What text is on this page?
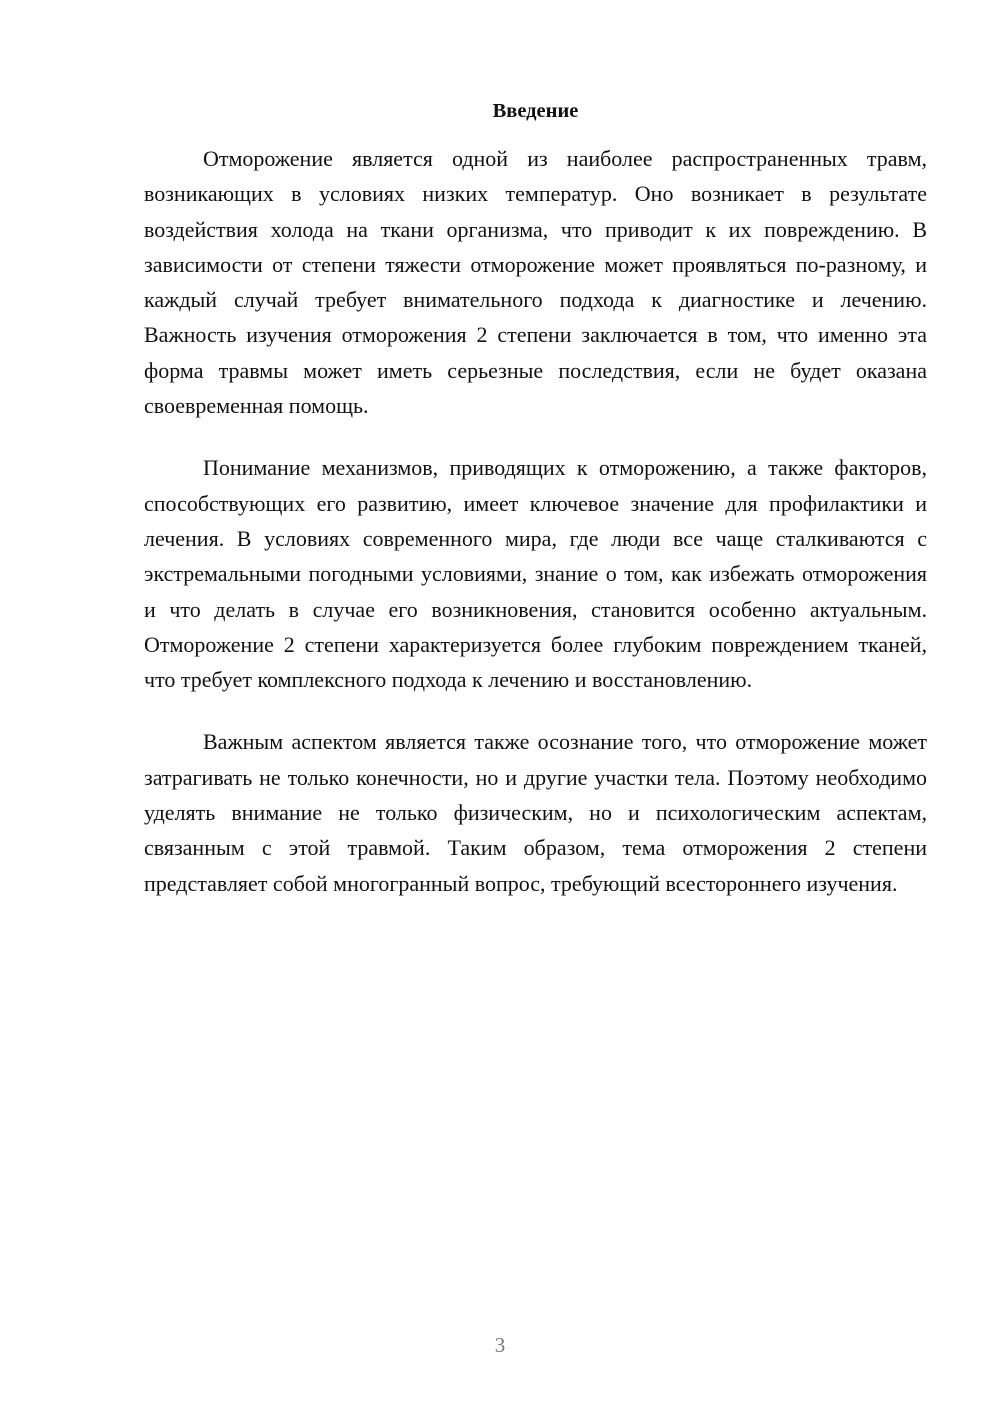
Введение

Отморожение является одной из наиболее распространенных травм, возникающих в условиях низких температур. Оно возникает в результате воздействия холода на ткани организма, что приводит к их повреждению. В зависимости от степени тяжести отморожение может проявляться по-разному, и каждый случай требует внимательного подхода к диагностике и лечению. Важность изучения отморожения 2 степени заключается в том, что именно эта форма травмы может иметь серьезные последствия, если не будет оказана своевременная помощь.

Понимание механизмов, приводящих к отморожению, а также факторов, способствующих его развитию, имеет ключевое значение для профилактики и лечения. В условиях современного мира, где люди все чаще сталкиваются с экстремальными погодными условиями, знание о том, как избежать отморожения и что делать в случае его возникновения, становится особенно актуальным. Отморожение 2 степени характеризуется более глубоким повреждением тканей, что требует комплексного подхода к лечению и восстановлению.

Важным аспектом является также осознание того, что отморожение может затрагивать не только конечности, но и другие участки тела. Поэтому необходимо уделять внимание не только физическим, но и психологическим аспектам, связанным с этой травмой. Таким образом, тема отморожения 2 степени представляет собой многогранный вопрос, требующий всестороннего изучения.

3
